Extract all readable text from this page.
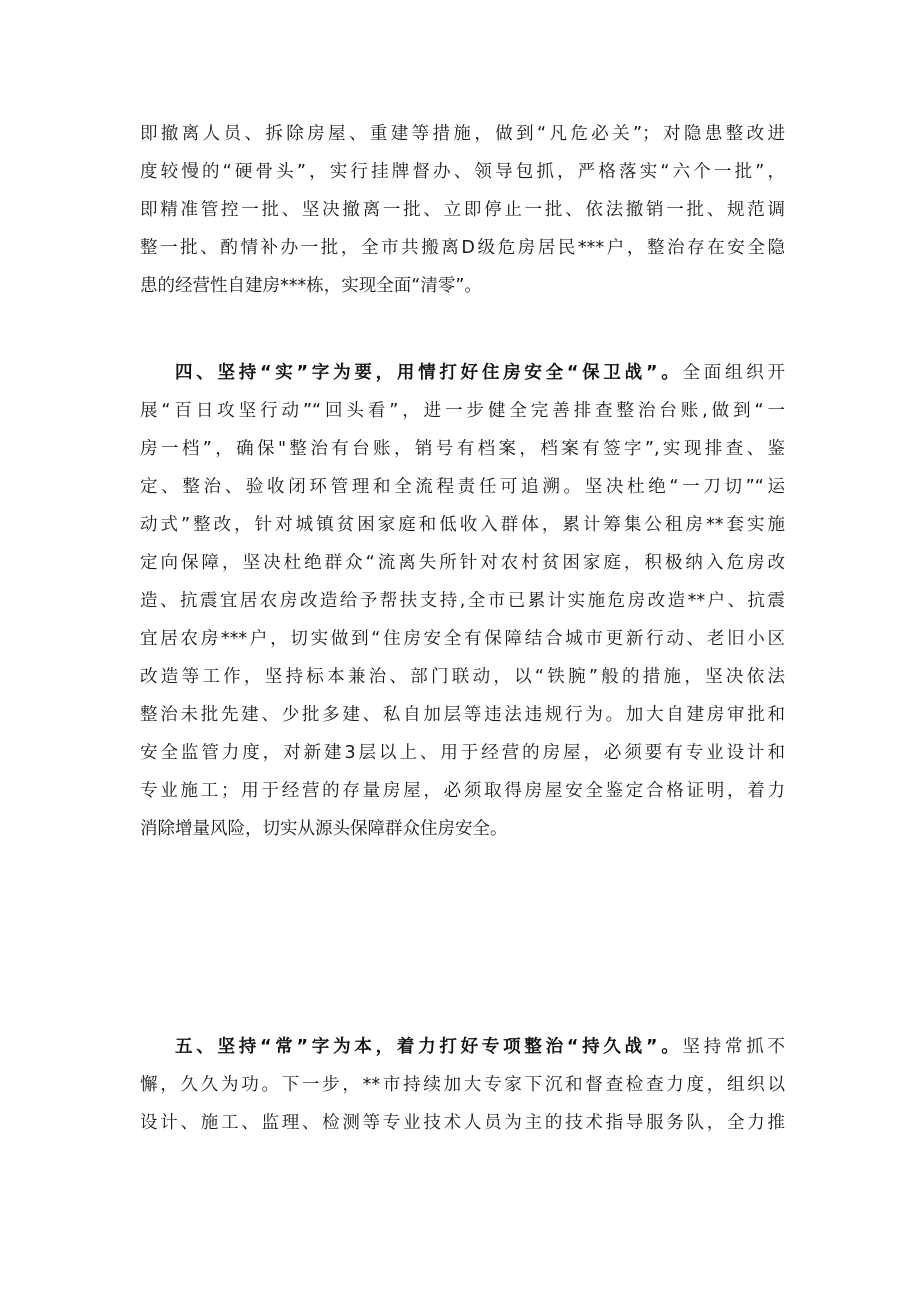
即撤离人员、拆除房屋、重建等措施，做到“凡危必关”；对隐患整改进
度较慢的“硬骨头”，实行挂牌督办、领导包抓，严格落实“六个一批”，
即精准管控一批、坚决撤离一批、立即停止一批、依法撤销一批、规范调
整一批、酌情补办一批，全市共搬离D级危房居民***户，整治存在安全隐
患的经营性自建房***栋，实现全面“清零”。
四、坚持“实”字为要，用情打好住房安全“保卫战”。全面组织开
展“百日攻坚行动”“回头看”，进一步健全完善排查整治台账,做到“一
房一档”，确保"整治有台账，销号有档案，档案有签字”,实现排查、鉴
定、整治、验收闭环管理和全流程责任可追溯。坚决杜绝“一刀切”“运
动式”整改，针对城镇贫困家庭和低收入群体，累计筹集公租房**套实施
定向保障，坚决杜绝群众“流离失所针对农村贫困家庭，积极纳入危房改
造、抗震宜居农房改造给予帮扶支持,全市已累计实施危房改造**户、抗震
宜居农房***户，切实做到“住房安全有保障结合城市更新行动、老旧小区
改造等工作，坚持标本兼治、部门联动，以“铁腕”般的措施，坚决依法
整治未批先建、少批多建、私自加层等违法违规行为。加大自建房审批和
安全监管力度，对新建3层以上、用于经营的房屋，必须要有专业设计和
专业施工；用于经营的存量房屋，必须取得房屋安全鉴定合格证明，着力
消除增量风险，切实从源头保障群众住房安全。
五、坚持“常”字为本，着力打好专项整治“持久战”。坚持常抓不
懈，久久为功。下一步，**市持续加大专家下沉和督查检查力度，组织以
设计、施工、监理、检测等专业技术人员为主的技术指导服务队，全力推
